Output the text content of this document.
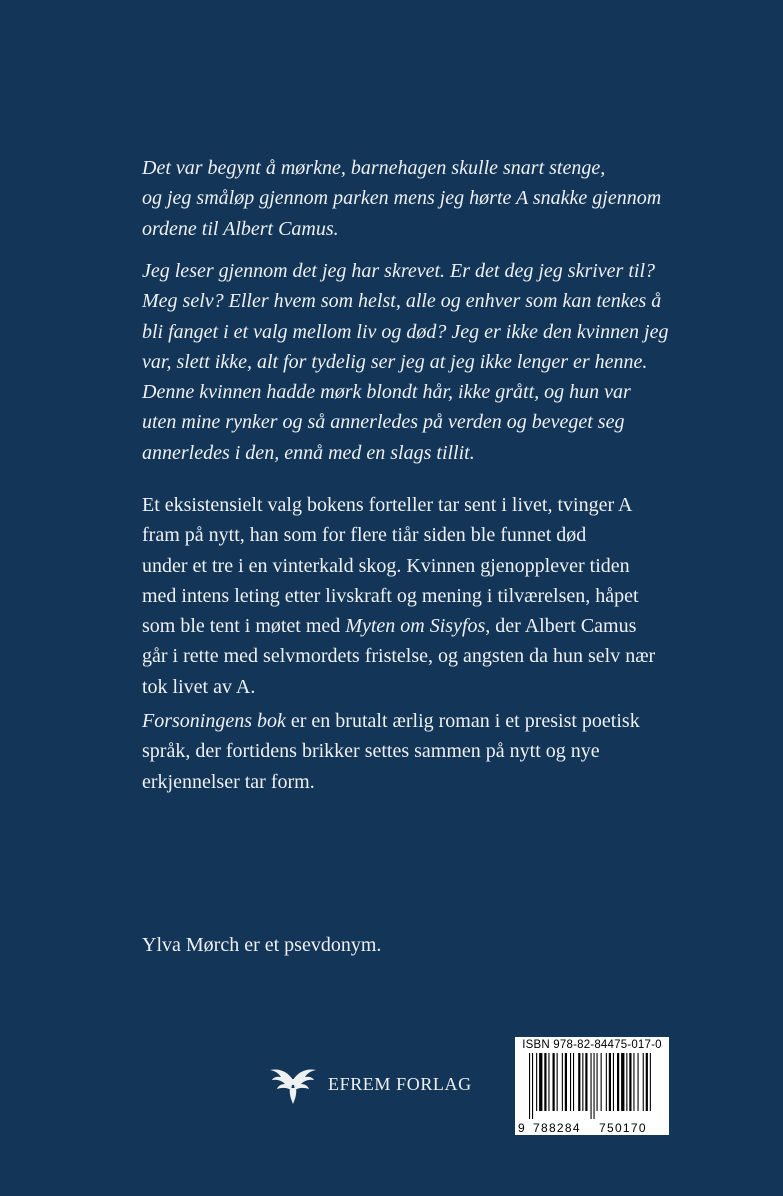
Det var begynt å mørkne, barnehagen skulle snart stenge,
og jeg småløp gjennom parken mens jeg hørte A snakke gjennom
ordene til Albert Camus.
Jeg leser gjennom det jeg har skrevet. Er det deg jeg skriver til?
Meg selv? Eller hvem som helst, alle og enhver som kan tenkes å
bli fanget i et valg mellom liv og død? Jeg er ikke den kvinnen jeg
var, slett ikke, alt for tydelig ser jeg at jeg ikke lenger er henne.
Denne kvinnen hadde mørk blondt hår, ikke grått, og hun var
uten mine rynker og så annerledes på verden og beveget seg
annerledes i den, ennå med en slags tillit.
Et eksistensielt valg bokens forteller tar sent i livet, tvinger A
fram på nytt, han som for flere tiår siden ble funnet død
under et tre i en vinterkald skog. Kvinnen gjenopplever tiden
med intens leting etter livskraft og mening i tilværelsen, håpet
som ble tent i møtet med Myten om Sisyfos, der Albert Camus
går i rette med selvmordets fristelse, og angsten da hun selv nær
tok livet av A.
Forsoningens bok er en brutalt ærlig roman i et presist poetisk
språk, der fortidens brikker settes sammen på nytt og nye
erkjennelser tar form.
Ylva Mørch er et psevdonym.
EFREM FORLAG
ISBN 978-82-84475-017-0
9 788284 750170
